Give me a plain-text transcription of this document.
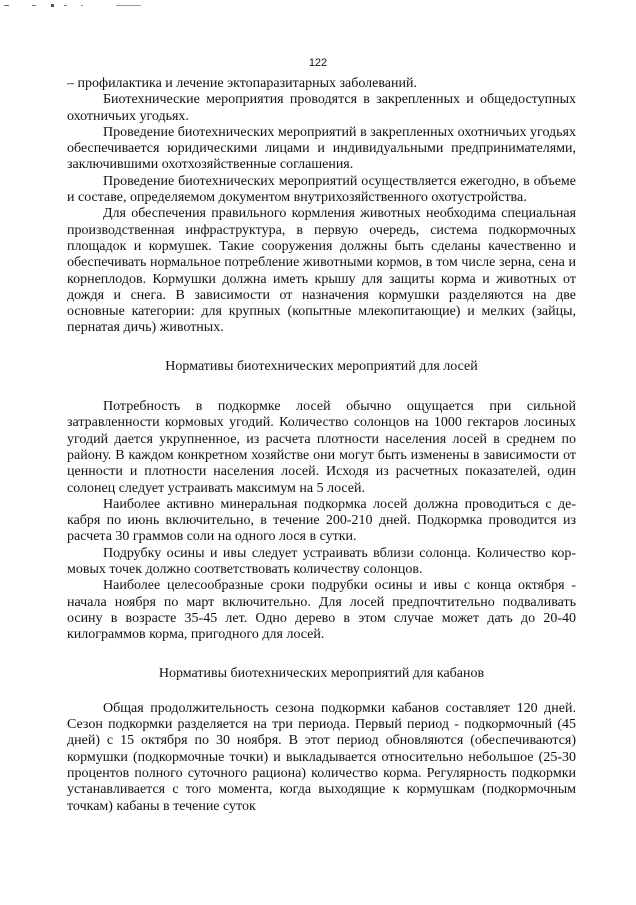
122

– профилактика и лечение эктопаразитарных заболеваний.

Биотехнические мероприятия проводятся в закрепленных и общедоступных охотничьих угодьях.

Проведение биотехнических мероприятий в закрепленных охотничьих угодьях обеспечивается юридическими лицами и индивидуальными предпринимателями, заключившими охотхозяйственные соглашения.

Проведение биотехнических мероприятий осуществляется ежегодно, в объеме и составе, определяемом документом внутрихозяйственного охотустройства.

Для обеспечения правильного кормления животных необходима специальная производственная инфраструктура, в первую очередь, система подкормочных площадок и кормушек. Такие сооружения должны быть сделаны качественно и обеспечивать нормальное потребление животными кормов, в том числе зерна, сена и корнеплодов. Кормушки должна иметь крышу для защиты корма и животных от дождя и снега. В зависимости от назначения кормушки разделяются на две основные категории: для крупных (копытные млекопитающие) и мелких (зайцы, пернатая дичь) животных.

Нормативы биотехнических мероприятий для лосей

Потребность в подкормке лосей обычно ощущается при сильной затравленности кормовых угодий. Количество солонцов на 1000 гектаров лосиных угодий дается укрупненное, из расчета плотности населения лосей в среднем по району. В каждом конкретном хозяйстве они могут быть изменены в зависимости от ценности и плотности населения лосей. Исходя из расчетных показателей, один солонец следует устраивать максимум на 5 лосей.

Наиболее активно минеральная подкормка лосей должна проводиться с декабря по июнь включительно, в течение 200-210 дней. Подкормка проводится из расчета 30 граммов соли на одного лося в сутки.

Подрубку осины и ивы следует устраивать вблизи солонца. Количество кормовых точек должно соответствовать количеству солонцов.

Наиболее целесообразные сроки подрубки осины и ивы с конца октября - начала ноября по март включительно. Для лосей предпочтительно подваливать осину в возрасте 35-45 лет. Одно дерево в этом случае может дать до 20-40 килограммов корма, пригодного для лосей.

Нормативы биотехнических мероприятий для кабанов

Общая продолжительность сезона подкормки кабанов составляет 120 дней. Сезон подкормки разделяется на три периода. Первый период - подкормочный (45 дней) с 15 октября по 30 ноября. В этот период обновляются (обеспечиваются) кормушки (подкормочные точки) и выкладывается относительно небольшое (25-30 процентов полного суточного рациона) количество корма. Регулярность подкормки устанавливается с того момента, когда выходящие к кормушкам (подкормочным точкам) кабаны в течение суток
